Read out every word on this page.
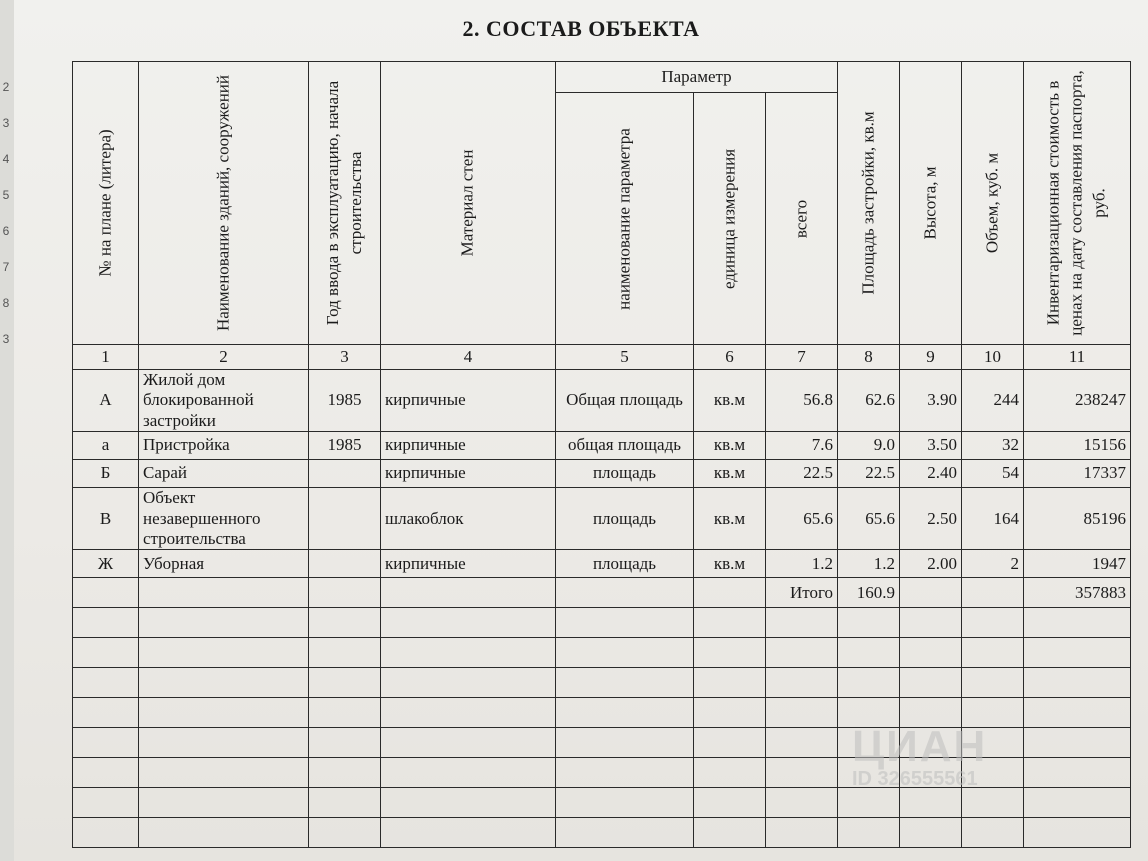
2
3
4
5
6
7
8
3
2. СОСТАВ ОБЪЕКТА
№ на плане (литера)	Наименование зданий, сооружений	Год ввода в эксплуатацию, начала строительства	Материал стен	Параметр			Площадь застройки, кв.м	Высота, м	Объем, куб. м	Инвентаризационная стоимость в ценах на дату составления паспорта, руб.

				наименование параметра	единица измерения	всего				

1	2	3	4	5	6	7	8	9	10	11
А	Жилой дом блокированной застройки	1985	кирпичные	Общая площадь	кв.м	56.8	62.6	3.90	244	238247
а	Пристройка	1985	кирпичные	общая площадь	кв.м	7.6	9.0	3.50	32	15156
Б	Сарай		кирпичные	площадь	кв.м	22.5	22.5	2.40	54	17337
В	Объект незавершенного строительства		шлакоблок	площадь	кв.м	65.6	65.6	2.50	164	85196
Ж	Уборная		кирпичные	площадь	кв.м	1.2	1.2	2.00	2	1947
						Итого	160.9			357883

ЦИАН
ID 326555561
